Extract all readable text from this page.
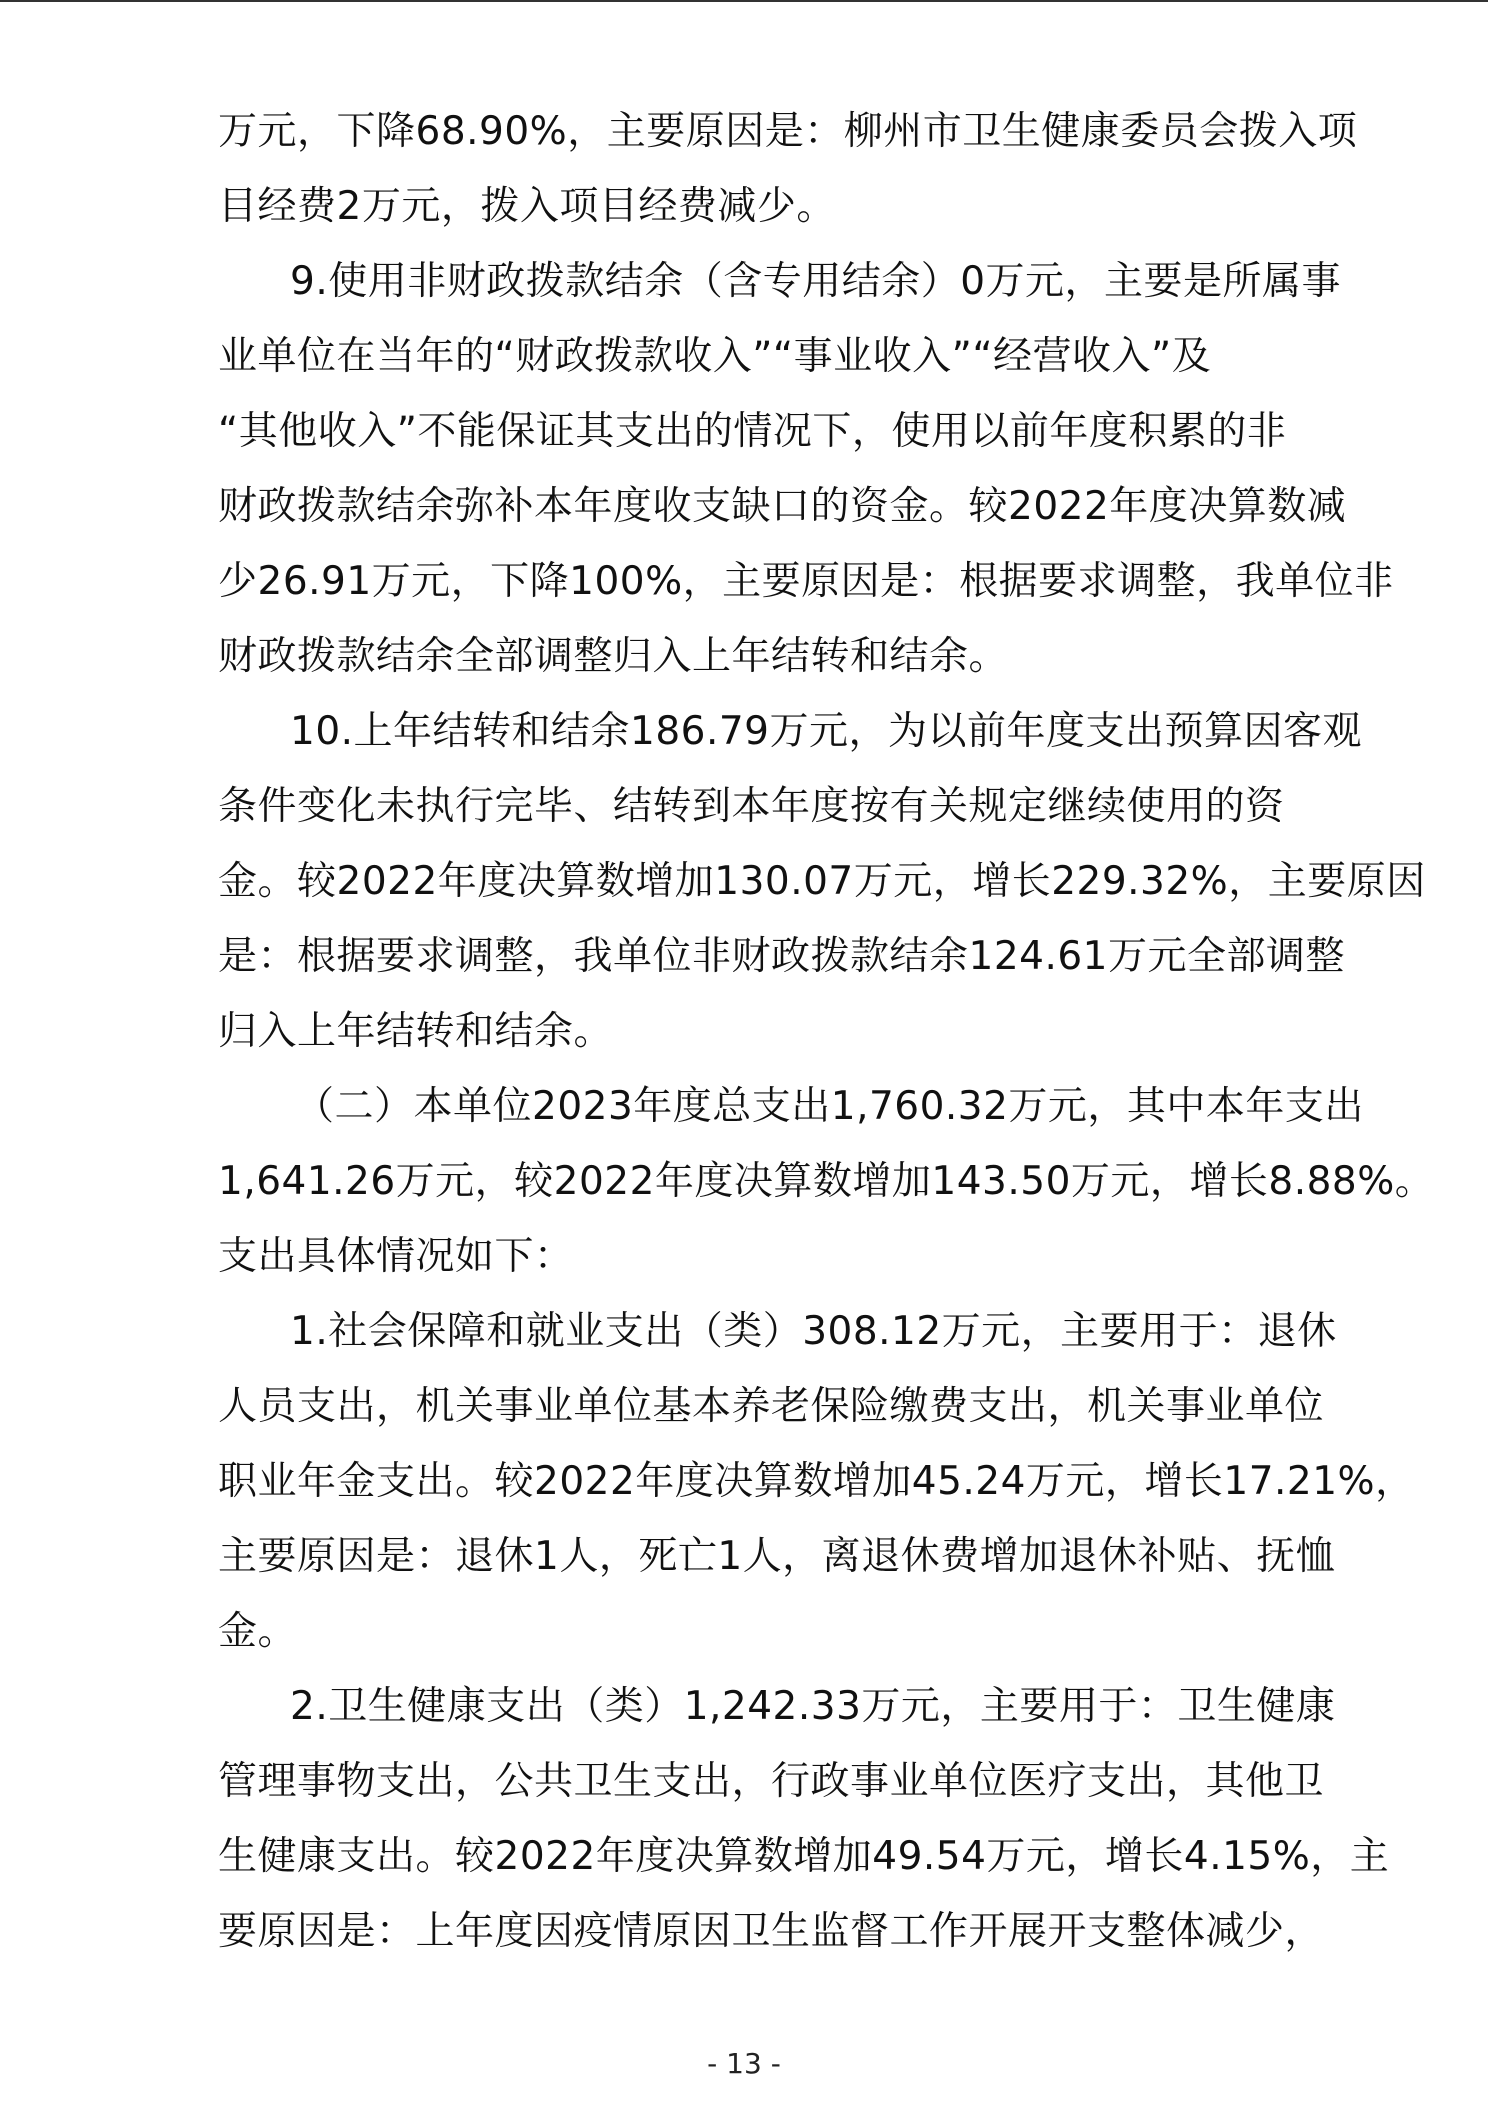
万元，下降68.90%，主要原因是：柳州市卫生健康委员会拨入项
目经费2万元，拨入项目经费减少。
9.使用非财政拨款结余（含专用结余）0万元，主要是所属事
业单位在当年的“财政拨款收入”“事业收入”“经营收入”及
“其他收入”不能保证其支出的情况下，使用以前年度积累的非
财政拨款结余弥补本年度收支缺口的资金。较2022年度决算数减
少26.91万元，下降100%，主要原因是：根据要求调整，我单位非
财政拨款结余全部调整归入上年结转和结余。
10.上年结转和结余186.79万元，为以前年度支出预算因客观
条件变化未执行完毕、结转到本年度按有关规定继续使用的资
金。较2022年度决算数增加130.07万元，增长229.32%，主要原因
是：根据要求调整，我单位非财政拨款结余124.61万元全部调整
归入上年结转和结余。
（二）本单位2023年度总支出1,760.32万元，其中本年支出
1,641.26万元，较2022年度决算数增加143.50万元，增长8.88%。
支出具体情况如下：
1.社会保障和就业支出（类）308.12万元，主要用于：退休
人员支出，机关事业单位基本养老保险缴费支出，机关事业单位
职业年金支出。较2022年度决算数增加45.24万元，增长17.21%，
主要原因是：退休1人，死亡1人，离退休费增加退休补贴、抚恤
金。
2.卫生健康支出（类）1,242.33万元，主要用于：卫生健康
管理事物支出，公共卫生支出，行政事业单位医疗支出，其他卫
生健康支出。较2022年度决算数增加49.54万元，增长4.15%，主
要原因是：上年度因疫情原因卫生监督工作开展开支整体减少，
- 13 -
